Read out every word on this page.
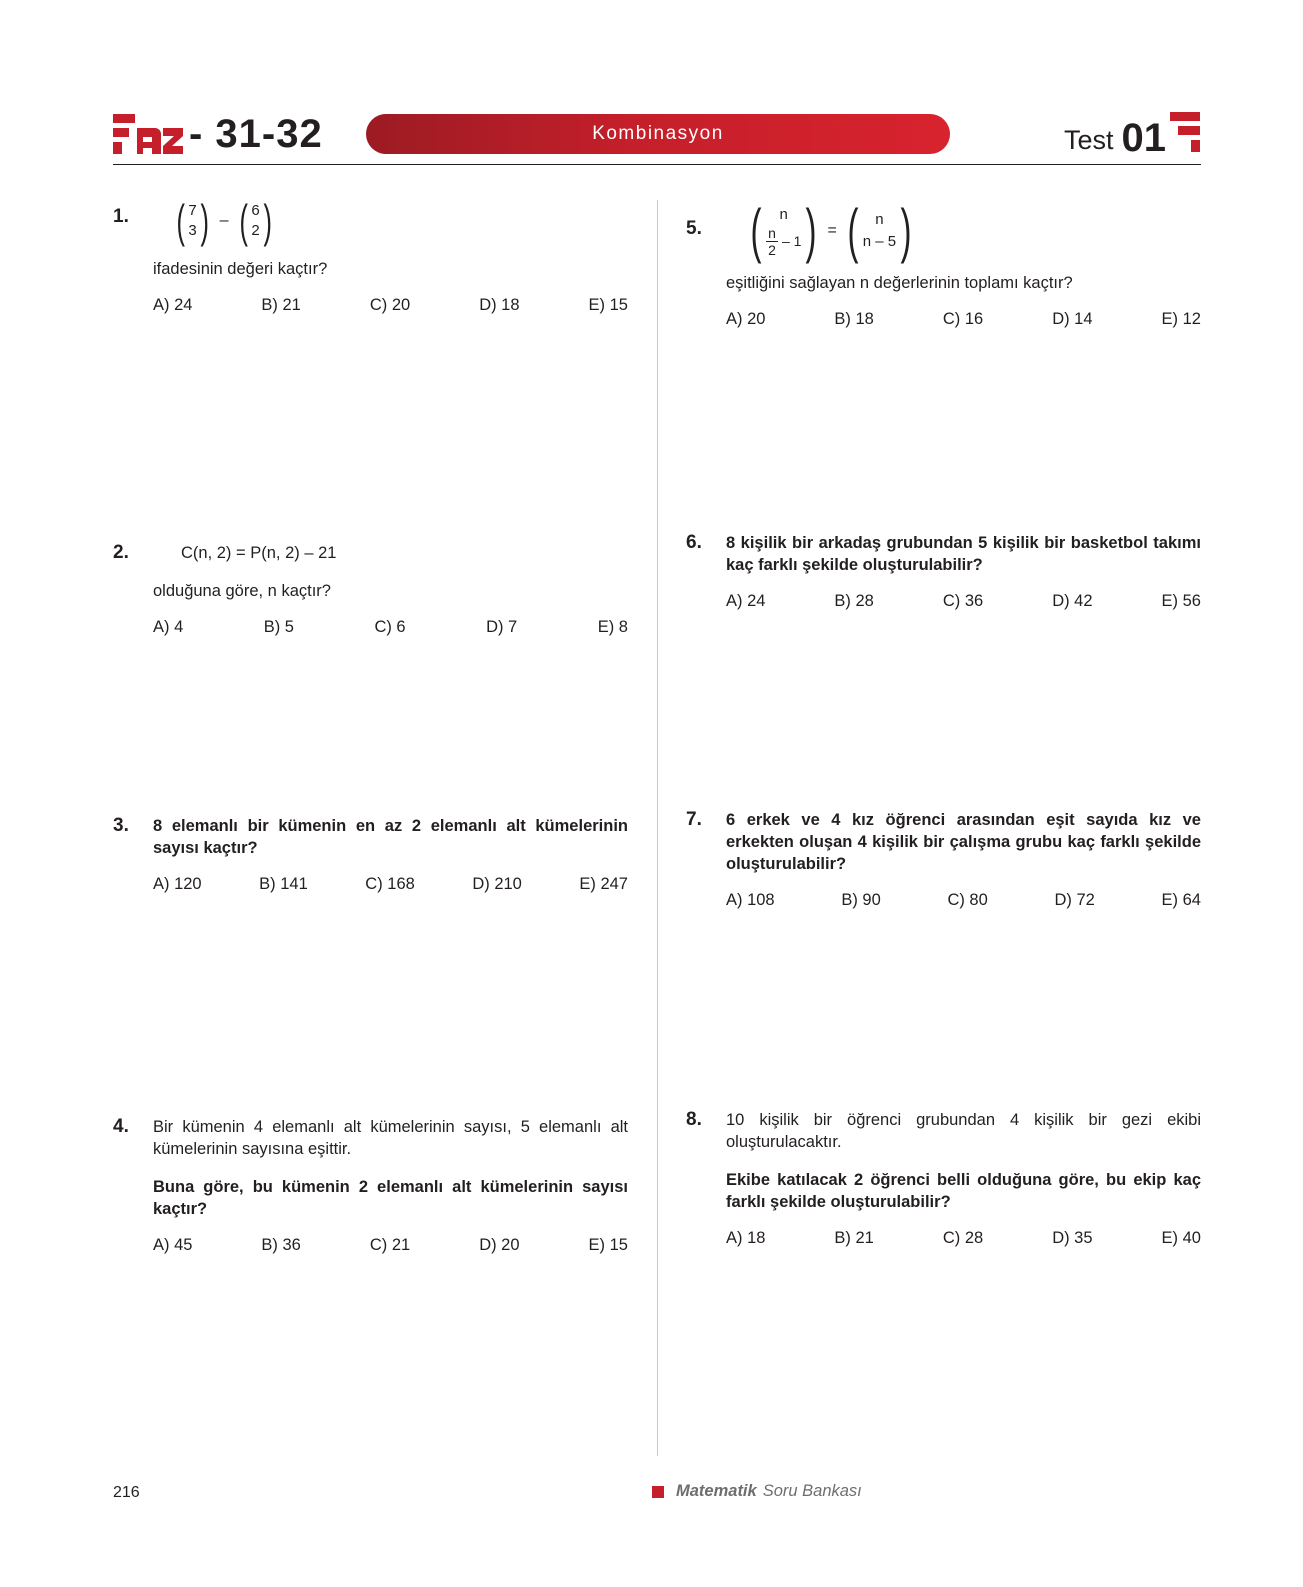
- 31-32	Kombinasyon	Test 01
1. ( 7
3 ) – ( 6
2 )

ifadesinin değeri kaçtır?

A) 24	B) 21	C) 20	D) 18	E) 15
2.	C(n, 2) = P(n, 2) – 21

olduğuna göre, n kaçtır?

A) 4	B) 5	C) 6	D) 7	E) 8
3. 8 elemanlı bir kümenin en az 2 elemanlı alt kümelerinin sayısı kaçtır?

A) 120	B) 141	C) 168	D) 210	E) 247
4. Bir kümenin 4 elemanlı alt kümelerinin sayısı, 5 elemanlı alt kümelerinin sayısına eşittir.

Buna göre, bu kümenin 2 elemanlı alt kümelerinin sayısı kaçtır?

A) 45	B) 36	C) 21	D) 20	E) 15
5. ( n
$\frac{n}{2} - 1$ ) = ( n
n – 5 )

eşitliğini sağlayan n değerlerinin toplamı kaçtır?

A) 20	B) 18	C) 16	D) 14	E) 12
6. 8 kişilik bir arkadaş grubundan 5 kişilik bir basketbol takımı kaç farklı şekilde oluşturulabilir?

A) 24	B) 28	C) 36	D) 42	E) 56
7. 6 erkek ve 4 kız öğrenci arasından eşit sayıda kız ve erkekten oluşan 4 kişilik bir çalışma grubu kaç farklı şekilde oluşturulabilir?

A) 108	B) 90	C) 80	D) 72	E) 64
8. 10 kişilik bir öğrenci grubundan 4 kişilik bir gezi ekibi oluşturulacaktır.

Ekibe katılacak 2 öğrenci belli olduğuna göre, bu ekip kaç farklı şekilde oluşturulabilir?

A) 18	B) 21	C) 28	D) 35	E) 40
216	Matematik Soru Bankası
